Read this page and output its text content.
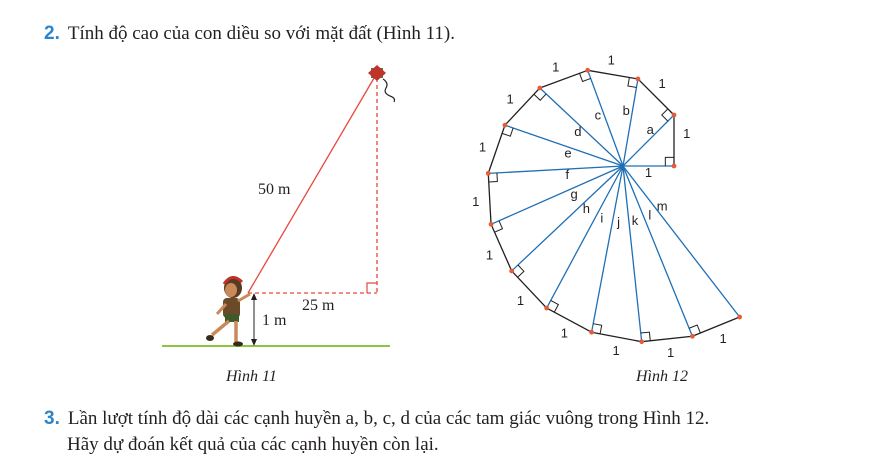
2. Tính độ cao của con diều so với mặt đất (Hình 11).
50 m
25 m
1 m
Hình 11
1
1
1
1
1
1
1
1
1
1
1	1
1
1
a
b
c
d
e
f
g
h
i j k l
m
Hình 12
3. Lần lượt tính độ dài các cạnh huyền a, b, c, d của các tam giác vuông trong Hình 12.
Hãy dự đoán kết quả của các cạnh huyền còn lại.
